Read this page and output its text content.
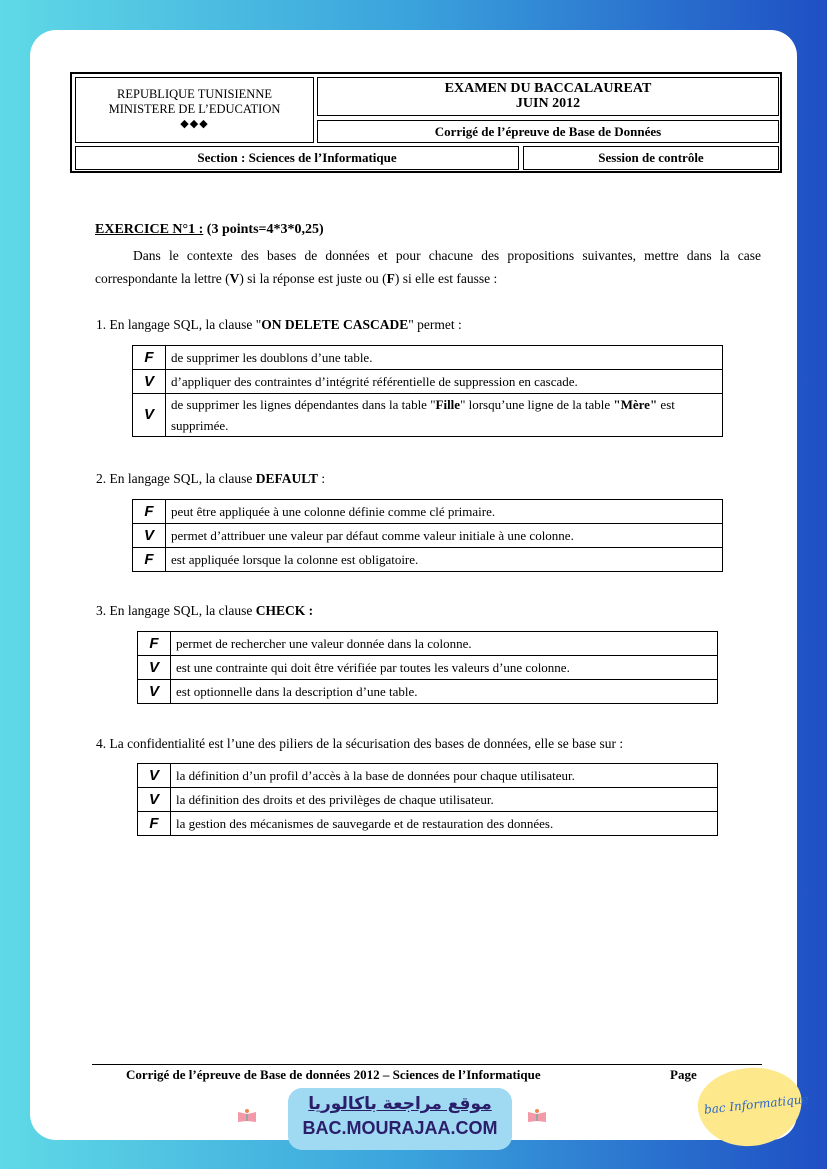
REPUBLIQUE TUNISIENNE
MINISTERE DE L’EDUCATION
◆◆◆
EXAMEN DU BACCALAUREAT
JUIN 2012
Corrigé de l’épreuve de Base de Données
Section : Sciences de l’Informatique	Session de contrôle
EXERCICE N°1 : (3 points=4*3*0,25)
Dans le contexte des bases de données et pour chacune des propositions suivantes, mettre dans la case correspondante la lettre (V) si la réponse est juste ou (F) si elle est fausse :
1. En langage SQL, la clause "ON DELETE CASCADE" permet :
F	de supprimer les doublons d’une table.
V	d’appliquer des contraintes d’intégrité référentielle de suppression en cascade.
V	de supprimer les lignes dépendantes dans la table "Fille" lorsqu’une ligne de la table "Mère" est supprimée.
2. En langage SQL, la clause DEFAULT :
F	peut être appliquée à une colonne définie comme clé primaire.
V	permet d’attribuer une valeur par défaut comme valeur initiale à une colonne.
F	est appliquée lorsque la colonne est obligatoire.
3. En langage SQL, la clause CHECK :
F	permet de rechercher une valeur donnée dans la colonne.
V	est une contrainte qui doit être vérifiée par toutes les valeurs d’une colonne.
V	est optionnelle dans la description d’une table.
4. La confidentialité est l’une des piliers de la sécurisation des bases de données, elle se base sur :
V	la définition d’un profil d’accès à la base de données pour chaque utilisateur.
V	la définition des droits et des privilèges de chaque utilisateur.
F	la gestion des mécanismes de sauvegarde et de restauration des données.
Corrigé de l’épreuve de Base de données 2012 – Sciences de l’Informatique	Page
موقع مراجعة باكالوريا
BAC.MOURAJAA.COM
bac Informatique
